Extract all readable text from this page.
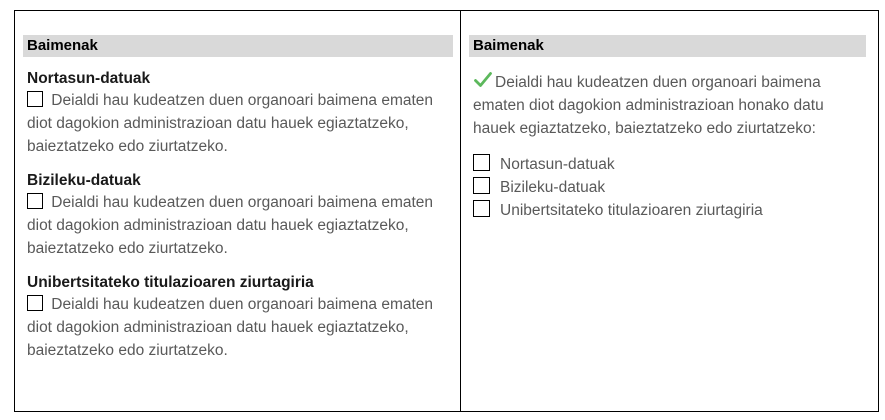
Baimenak
Nortasun-datuak
Deialdi hau kudeatzen duen organoari baimena ematen diot dagokion administrazioan datu hauek egiaztatzeko, baieztatzeko edo ziurtatzeko.
Bizileku-datuak
Deialdi hau kudeatzen duen organoari baimena ematen diot dagokion administrazioan datu hauek egiaztatzeko, baieztatzeko edo ziurtatzeko.
Unibertsitateko titulazioaren ziurtagiria
Deialdi hau kudeatzen duen organoari baimena ematen diot dagokion administrazioan datu hauek egiaztatzeko, baieztatzeko edo ziurtatzeko.
Baimenak
Deialdi hau kudeatzen duen organoari baimena ematen diot dagokion administrazioan honako datu hauek egiaztatzeko, baieztatzeko edo ziurtatzeko:
Nortasun-datuak
Bizileku-datuak
Unibertsitateko titulazioaren ziurtagiria
